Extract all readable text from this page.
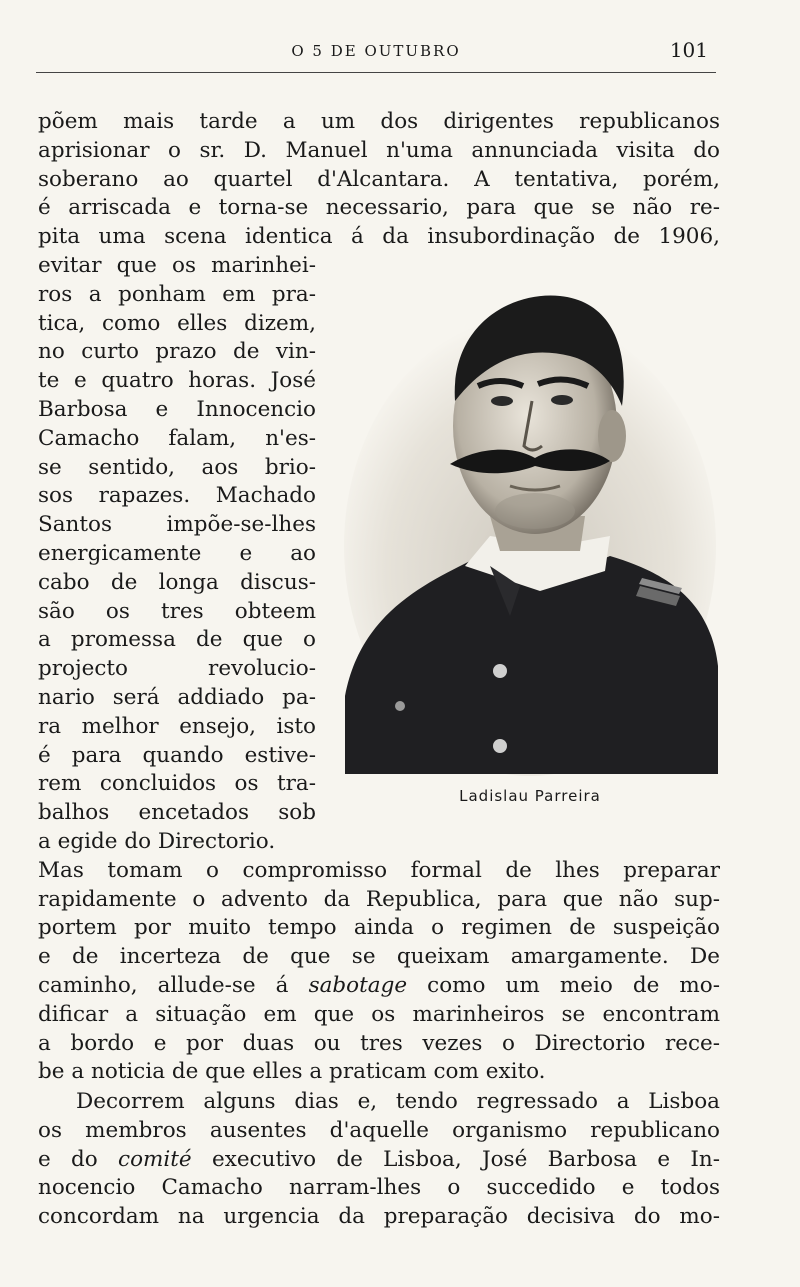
O 5 DE OUTUBRO	101
põem mais tarde a um dos dirigentes republicanos
aprisionar o sr. D. Manuel n'uma annunciada visita do
soberano ao quartel d'Alcantara. A tentativa, porém,
é arriscada e torna-se necessario, para que se não re-
pita uma scena identica á da insubordinação de 1906,
evitar que os marinhei-
ros a ponham em pra-
tica, como elles dizem,
no curto prazo de vin-
te e quatro horas. José
Barbosa e Innocencio
Camacho falam, n'es-
se sentido, aos brio-
sos rapazes. Machado
Santos impõe-se-lhes
energicamente e ao
cabo de longa discus-
são os tres obteem
a promessa de que o
projecto revolucio-
nario será addiado pa-
ra melhor ensejo, isto
é para quando estive-
rem concluidos os tra-
balhos encetados sob
a egide do Directorio.
Mas tomam o compromisso formal de lhes preparar
rapidamente o advento da Republica, para que não sup-
portem por muito tempo ainda o regimen de suspeição
e de incerteza de que se queixam amargamente. De
caminho, allude-se á sabotage como um meio de mo-
dificar a situação em que os marinheiros se encontram
a bordo e por duas ou tres vezes o Directorio rece-
be a noticia de que elles a praticam com exito.
Ladislau Parreira
Decorrem alguns dias e, tendo regressado a Lisboa
os membros ausentes d'aquelle organismo republicano
e do comité executivo de Lisboa, José Barbosa e In-
nocencio Camacho narram-lhes o succedido e todos
concordam na urgencia da preparação decisiva do mo-
